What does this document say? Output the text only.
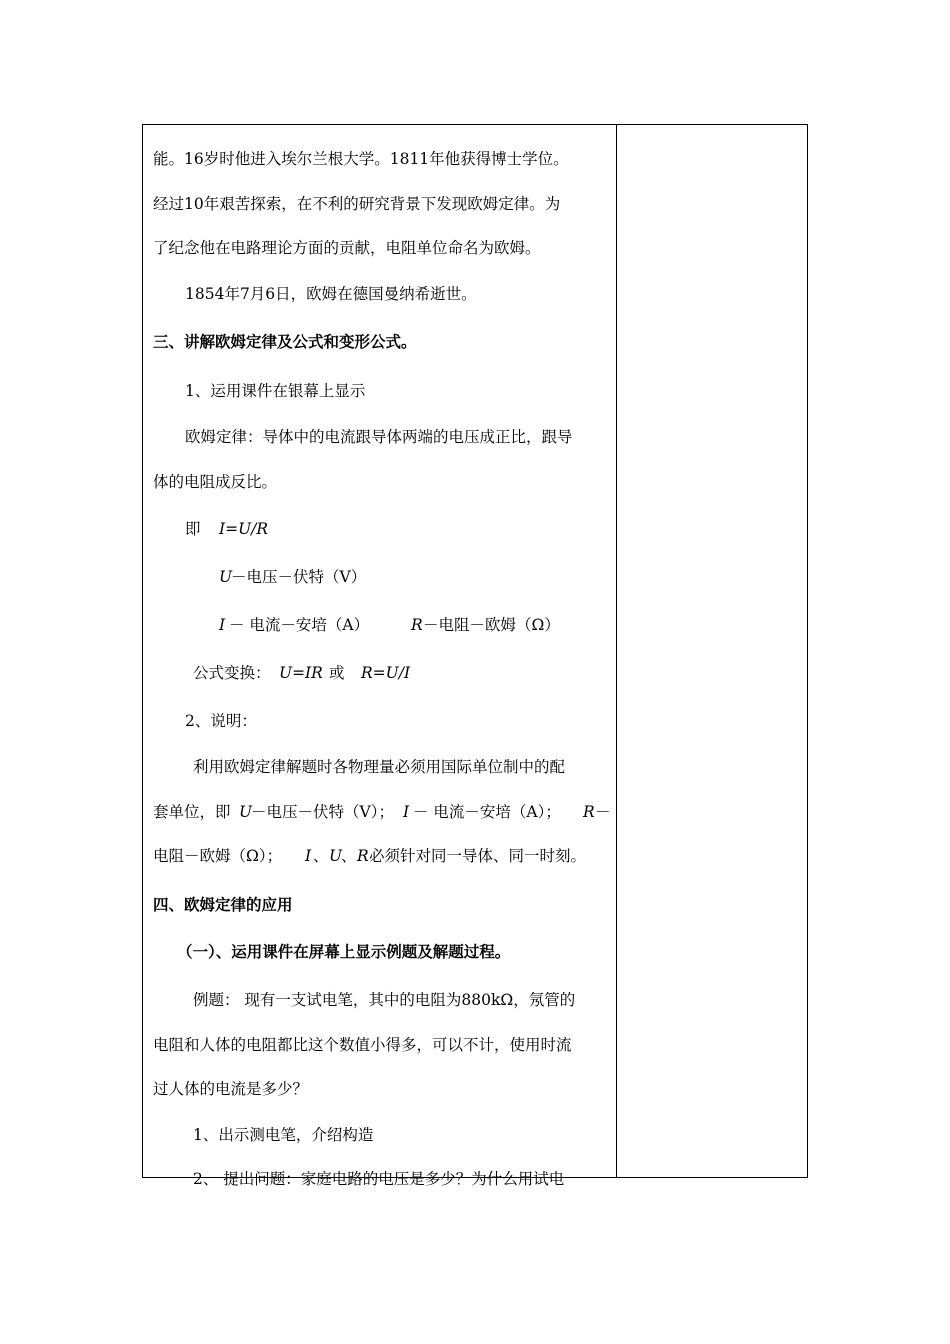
能。16岁时他进入埃尔兰根大学。1811年他获得博士学位。
经过10年艰苦探索，在不利的研究背景下发现欧姆定律。为
了纪念他在电路理论方面的贡献，电阻单位命名为欧姆。
1854年7月6日，欧姆在德国曼纳希逝世。
三、讲解欧姆定律及公式和变形公式。
1、运用课件在银幕上显示
欧姆定律：导体中的电流跟导体两端的电压成正比，跟导
体的电阻成反比。
即 I=U/R
U
－电压－伏特（V）
I － 电流－安培（A）	R －电阻－欧姆（Ω）
公式变换： U=IR 或 R=U/I
2、说明：
利用欧姆定律解题时各物理量必须用国际单位制中的配
套单位，即 U
－电压－伏特（V）； I － 电流－安培（A）； R －
电阻－欧姆（Ω）； I 、 U
、 R 必须针对同一导体、同一时刻。
四、欧姆定律的应用
（一）、运用课件在屏幕上显示例题及解题过程。
例题： 现有一支试电笔，其中的电阻为880kΩ，氖管的
电阻和人体的电阻都比这个数值小得多，可以不计，使用时流
过人体的电流是多少？
1、出示测电笔，介绍构造
2、 提出问题：家庭电路的电压是多少？为什么用试电
